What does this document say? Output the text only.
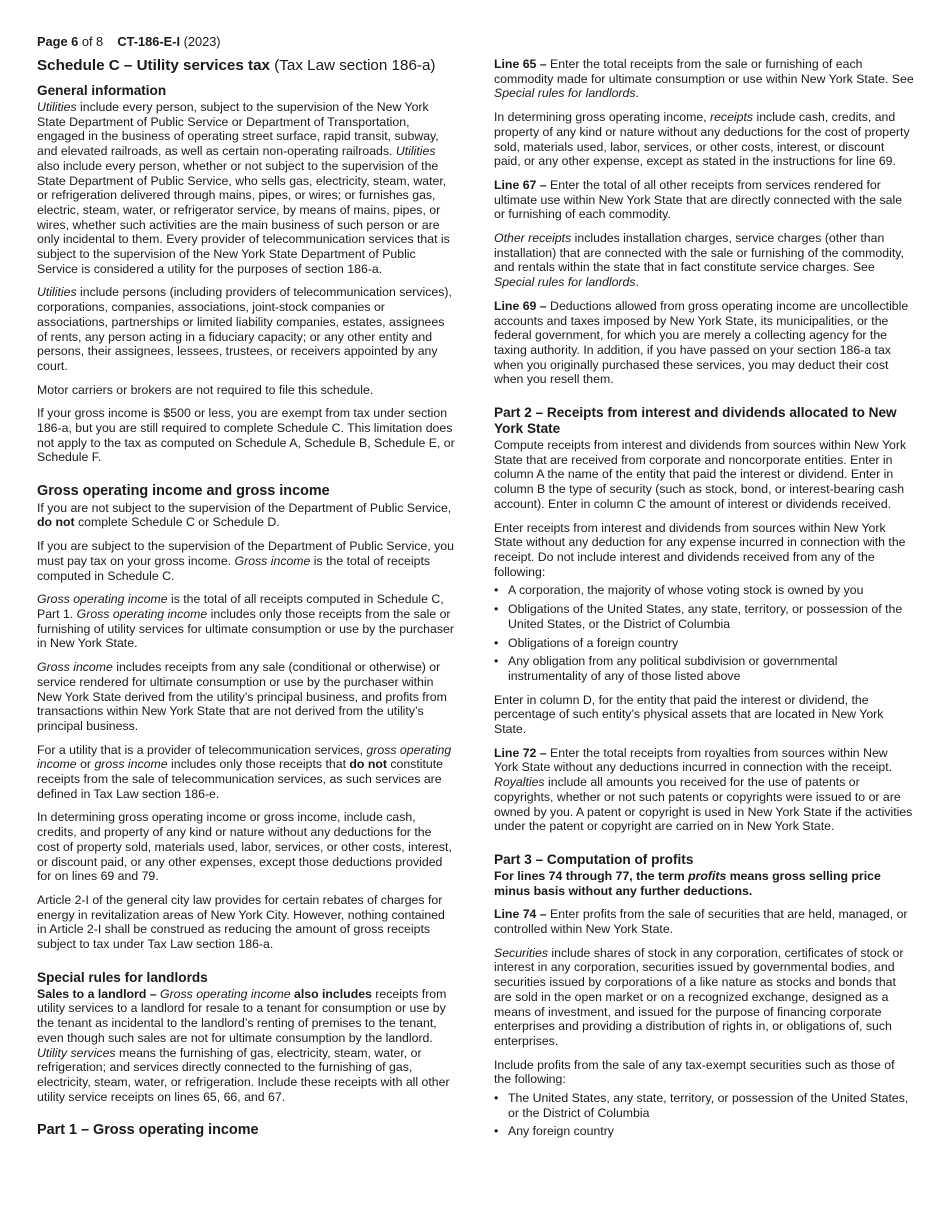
Page 6 of 8 CT-186-E-I (2023)
Schedule C – Utility services tax (Tax Law section 186-a)
General information

Utilities include every person, subject to the supervision of the New York State Department of Public Service or Department of Transportation, engaged in the business of operating street surface, rapid transit, subway, and elevated railroads, as well as certain non-operating railroads. Utilities also include every person, whether or not subject to the supervision of the State Department of Public Service, who sells gas, electricity, steam, water, or refrigeration delivered through mains, pipes, or wires; or furnishes gas, electric, steam, water, or refrigerator service, by means of mains, pipes, or wires, whether such activities are the main business of such person or are only incidental to them. Every provider of telecommunication services that is subject to the supervision of the New York State Department of Public Service is considered a utility for the purposes of section 186-a.

Utilities include persons (including providers of telecommunication services), corporations, companies, associations, joint-stock companies or associations, partnerships or limited liability companies, estates, assignees of rents, any person acting in a fiduciary capacity; or any other entity and persons, their assignees, lessees, trustees, or receivers appointed by any court.

Motor carriers or brokers are not required to file this schedule.

If your gross income is $500 or less, you are exempt from tax under section 186-a, but you are still required to complete Schedule C. This limitation does not apply to the tax as computed on Schedule A, Schedule B, Schedule E, or Schedule F.

Gross operating income and gross income

If you are not subject to the supervision of the Department of Public Service, do not complete Schedule C or Schedule D.

If you are subject to the supervision of the Department of Public Service, you must pay tax on your gross income. Gross income is the total of receipts computed in Schedule C.

Gross operating income is the total of all receipts computed in Schedule C, Part 1. Gross operating income includes only those receipts from the sale or furnishing of utility services for ultimate consumption or use by the purchaser in New York State.

Gross income includes receipts from any sale (conditional or otherwise) or service rendered for ultimate consumption or use by the purchaser within New York State derived from the utility’s principal business, and profits from transactions within New York State that are not derived from the utility’s principal business.

For a utility that is a provider of telecommunication services, gross operating income or gross income includes only those receipts that do not constitute receipts from the sale of telecommunication services, as such services are defined in Tax Law section 186-e.

In determining gross operating income or gross income, include cash, credits, and property of any kind or nature without any deductions for the cost of property sold, materials used, labor, services, or other costs, interest, or discount paid, or any other expenses, except those deductions provided for on lines 69 and 79.

Article 2-I of the general city law provides for certain rebates of charges for energy in revitalization areas of New York City. However, nothing contained in Article 2-I shall be construed as reducing the amount of gross receipts subject to tax under Tax Law section 186-a.

Special rules for landlords

Sales to a landlord – Gross operating income also includes receipts from utility services to a landlord for resale to a tenant for consumption or use by the tenant as incidental to the landlord’s renting of premises to the tenant, even though such sales are not for ultimate consumption by the landlord. Utility services means the furnishing of gas, electricity, steam, water, or refrigeration; and services directly connected to the furnishing of gas, electricity, steam, water, or refrigeration. Include these receipts with all other utility service receipts on lines 65, 66, and 67.

Part 1 – Gross operating income

Line 65 – Enter the total receipts from the sale or furnishing of each commodity made for ultimate consumption or use within New York State. See Special rules for landlords.

In determining gross operating income, receipts include cash, credits, and property of any kind or nature without any deductions for the cost of property sold, materials used, labor, services, or other costs, interest, or discount paid, or any other expense, except as stated in the instructions for line 69.

Line 67 – Enter the total of all other receipts from services rendered for ultimate use within New York State that are directly connected with the sale or furnishing of each commodity.

Other receipts includes installation charges, service charges (other than installation) that are connected with the sale or furnishing of the commodity, and rentals within the state that in fact constitute service charges. See Special rules for landlords.

Line 69 – Deductions allowed from gross operating income are uncollectible accounts and taxes imposed by New York State, its municipalities, or the federal government, for which you are merely a collecting agency for the taxing authority. In addition, if you have passed on your section 186-a tax when you originally purchased these services, you may deduct their cost when you resell them.

Part 2 – Receipts from interest and dividends allocated to New York State

Compute receipts from interest and dividends from sources within New York State that are received from corporate and noncorporate entities. Enter in column A the name of the entity that paid the interest or dividend. Enter in column B the type of security (such as stock, bond, or interest-bearing cash account). Enter in column C the amount of interest or dividends received.

Enter receipts from interest and dividends from sources within New York State without any deduction for any expense incurred in connection with the receipt. Do not include interest and dividends received from any of the following:

• A corporation, the majority of whose voting stock is owned by you
• Obligations of the United States, any state, territory, or possession of the United States, or the District of Columbia
• Obligations of a foreign country
• Any obligation from any political subdivision or governmental instrumentality of any of those listed above

Enter in column D, for the entity that paid the interest or dividend, the percentage of such entity’s physical assets that are located in New York State.

Line 72 – Enter the total receipts from royalties from sources within New York State without any deductions incurred in connection with the receipt. Royalties include all amounts you received for the use of patents or copyrights, whether or not such patents or copyrights were issued to or are owned by you. A patent or copyright is used in New York State if the activities under the patent or copyright are carried on in New York State.

Part 3 – Computation of profits

For lines 74 through 77, the term profits means gross selling price minus basis without any further deductions.

Line 74 – Enter profits from the sale of securities that are held, managed, or controlled within New York State.

Securities include shares of stock in any corporation, certificates of stock or interest in any corporation, securities issued by governmental bodies, and securities issued by corporations of a like nature as stocks and bonds that are sold in the open market or on a recognized exchange, designed as a means of investment, and issued for the purpose of financing corporate enterprises and providing a distribution of rights in, or obligations of, such enterprises.

Include profits from the sale of any tax-exempt securities such as those of the following:

• The United States, any state, territory, or possession of the United States, or the District of Columbia
• Any foreign country
